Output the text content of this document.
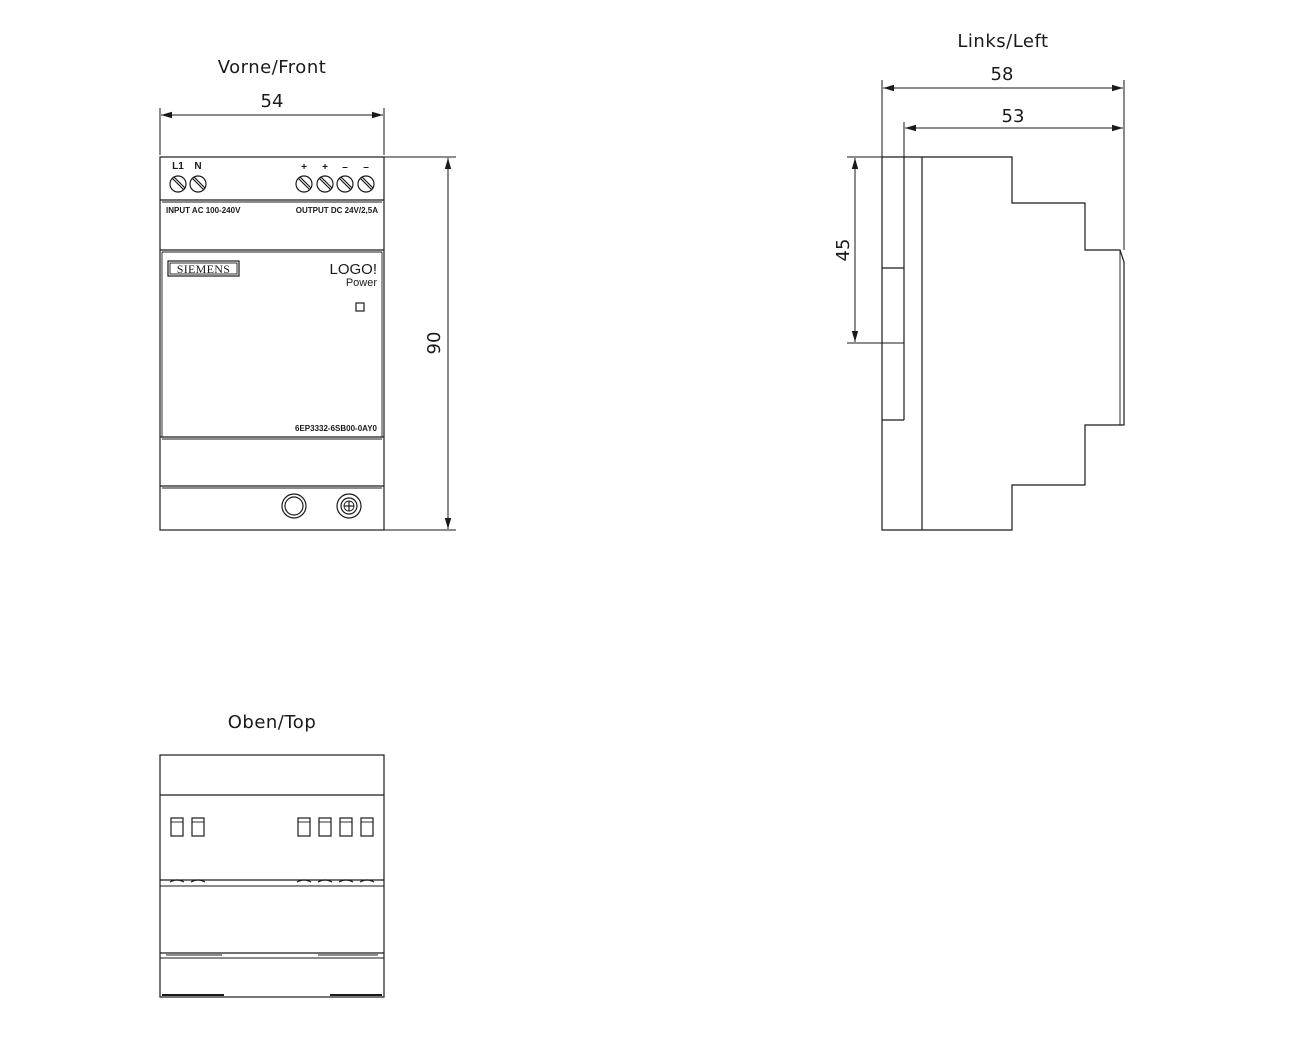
Vorne/Front
54
90
L1 N	+ + – –
INPUT AC 100-240V	OUTPUT DC 24V/2,5A
SIEMENS	LOGO!
Power
6EP3332-6SB00-0AY0
Links/Left
58
53
45
Oben/Top
